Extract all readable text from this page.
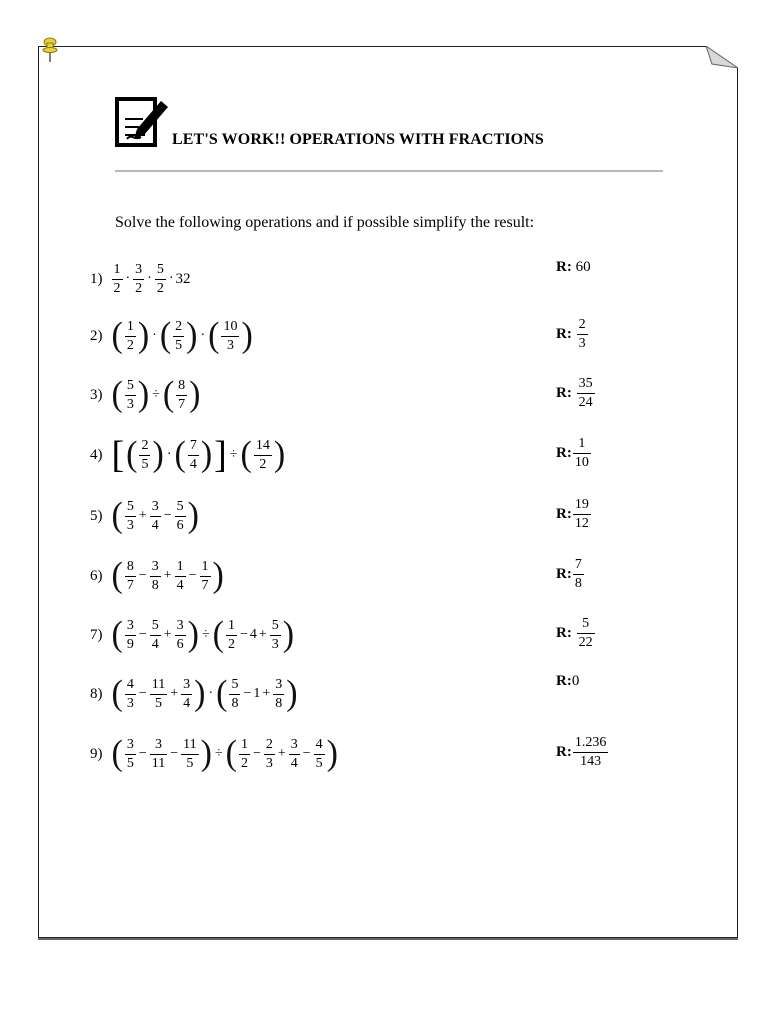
LET'S WORK!! OPERATIONS WITH FRACTIONS
Solve the following operations and if possible simplify the result:
$1) \frac{1}{2} \cdot \frac{3}{2} \cdot \frac{5}{2} \cdot 32$
R:
60
2) ( $\frac{1}{2}$ ) · ( $\frac{2}{5}$ ) · ( $\frac{10}{3}$ )	R:
$\frac{2}{3}$
3) ( $\frac{5}{3}$ ) ÷ ( $\frac{8}{7}$ )	R:
$\frac{35}{24}$
4) [ ( $\frac{2}{5}$ ) · ( $\frac{7}{4}$ ) ] ÷ ( $\frac{14}{2}$ )	R: $\frac{1}{10}$
5) ( $\frac{5}{3} + \frac{3}{4} - \frac{5}{6}$ )	R: $\frac{19}{12}$
6) ( $\frac{8}{7} - \frac{3}{8} + \frac{1}{4} - \frac{1}{7}$ )	R: $\frac{7}{8}$
7) ( $\frac{3}{9} - \frac{5}{4} + \frac{3}{6}$ ) ÷ ( $\frac{1}{2} - 4 + \frac{5}{3}$ )	R:
$\frac{5}{22}$
8) ( $\frac{4}{3} - \frac{11}{5} + \frac{3}{4}$ ) · ( $\frac{5}{8} - 1 + \frac{3}{8}$ )	R: 0
9) ( $\frac{3}{5} - \frac{3}{11} - \frac{11}{5}$ ) ÷ ( $\frac{1}{2} - \frac{2}{3} + \frac{3}{4} - \frac{4}{5}$ )	R: $\frac{1.236}{143}$
